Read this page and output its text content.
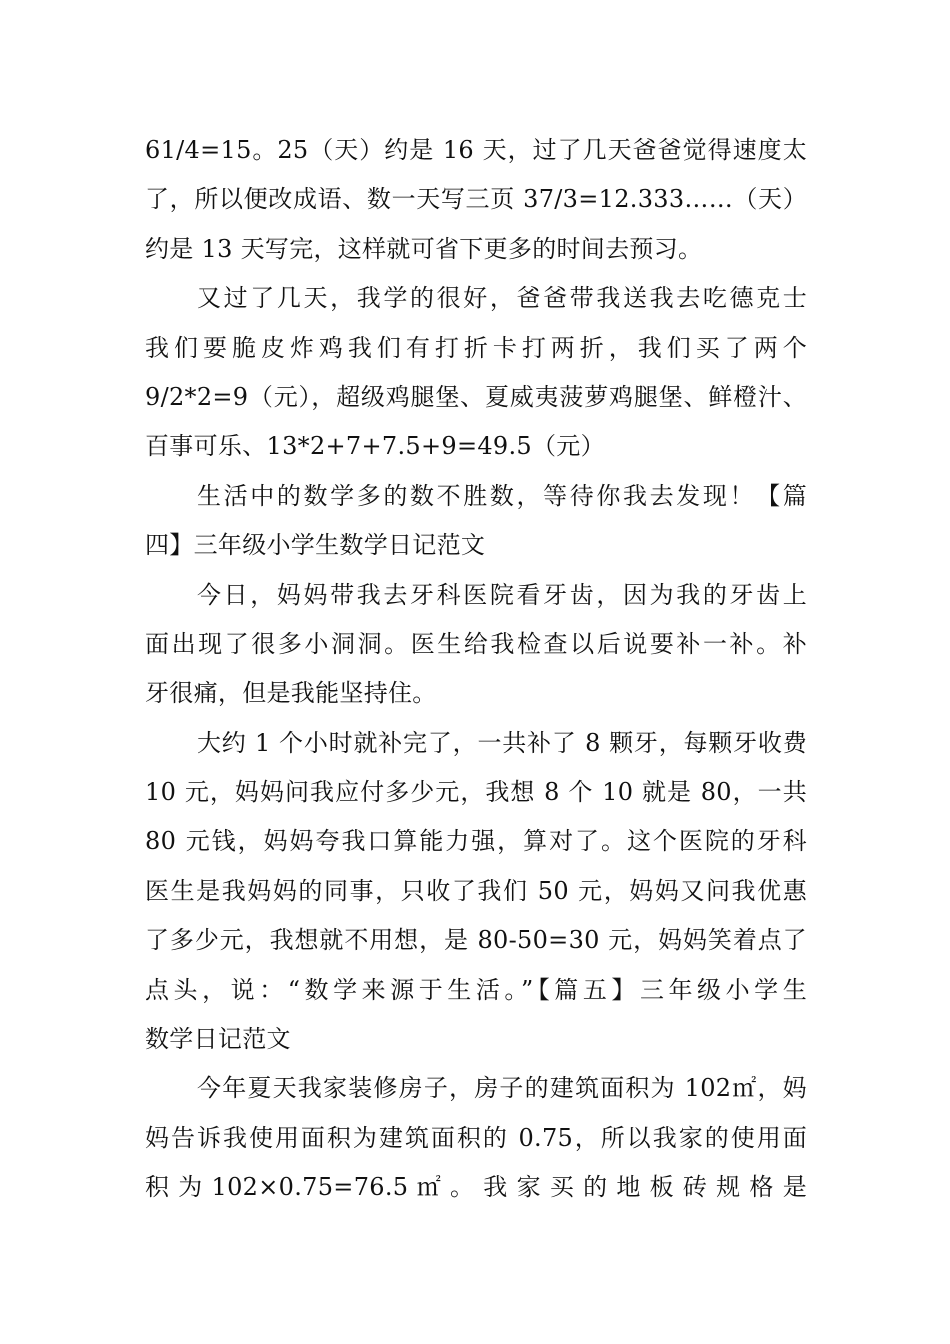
61/4=15。25（天）约是 16 天，过了几天爸爸觉得速度太
了，所以便改成语、数一天写三页 37/3=12.333……（天）
约是 13 天写完，这样就可省下更多的时间去预习。
又过了几天，我学的很好，爸爸带我送我去吃德克士
我们要脆皮炸鸡我们有打折卡打两折，我们买了两个
9/2*2=9（元），超级鸡腿堡、夏威夷菠萝鸡腿堡、鲜橙汁、
百事可乐、13*2+7+7.5+9=49.5（元）
生活中的数学多的数不胜数，等待你我去发现！【篇
四】三年级小学生数学日记范文
今日，妈妈带我去牙科医院看牙齿，因为我的牙齿上
面出现了很多小洞洞。医生给我检查以后说要补一补。补
牙很痛，但是我能坚持住。
大约 1 个小时就补完了，一共补了 8 颗牙，每颗牙收费
10 元，妈妈问我应付多少元，我想 8 个 10 就是 80，一共
80 元钱，妈妈夸我口算能力强，算对了。这个医院的牙科
医生是我妈妈的同事，只收了我们 50 元，妈妈又问我优惠
了多少元，我想就不用想，是 80-50=30 元，妈妈笑着点了
点头，说：“数学来源于生活。”【篇五】三年级小学生
数学日记范文
今年夏天我家装修房子，房子的建筑面积为 102㎡，妈
妈告诉我使用面积为建筑面积的 0.75，所以我家的使用面
积 为 102×0.75=76.5 ㎡ 。 我 家 买 的 地 板 砖 规 格 是
